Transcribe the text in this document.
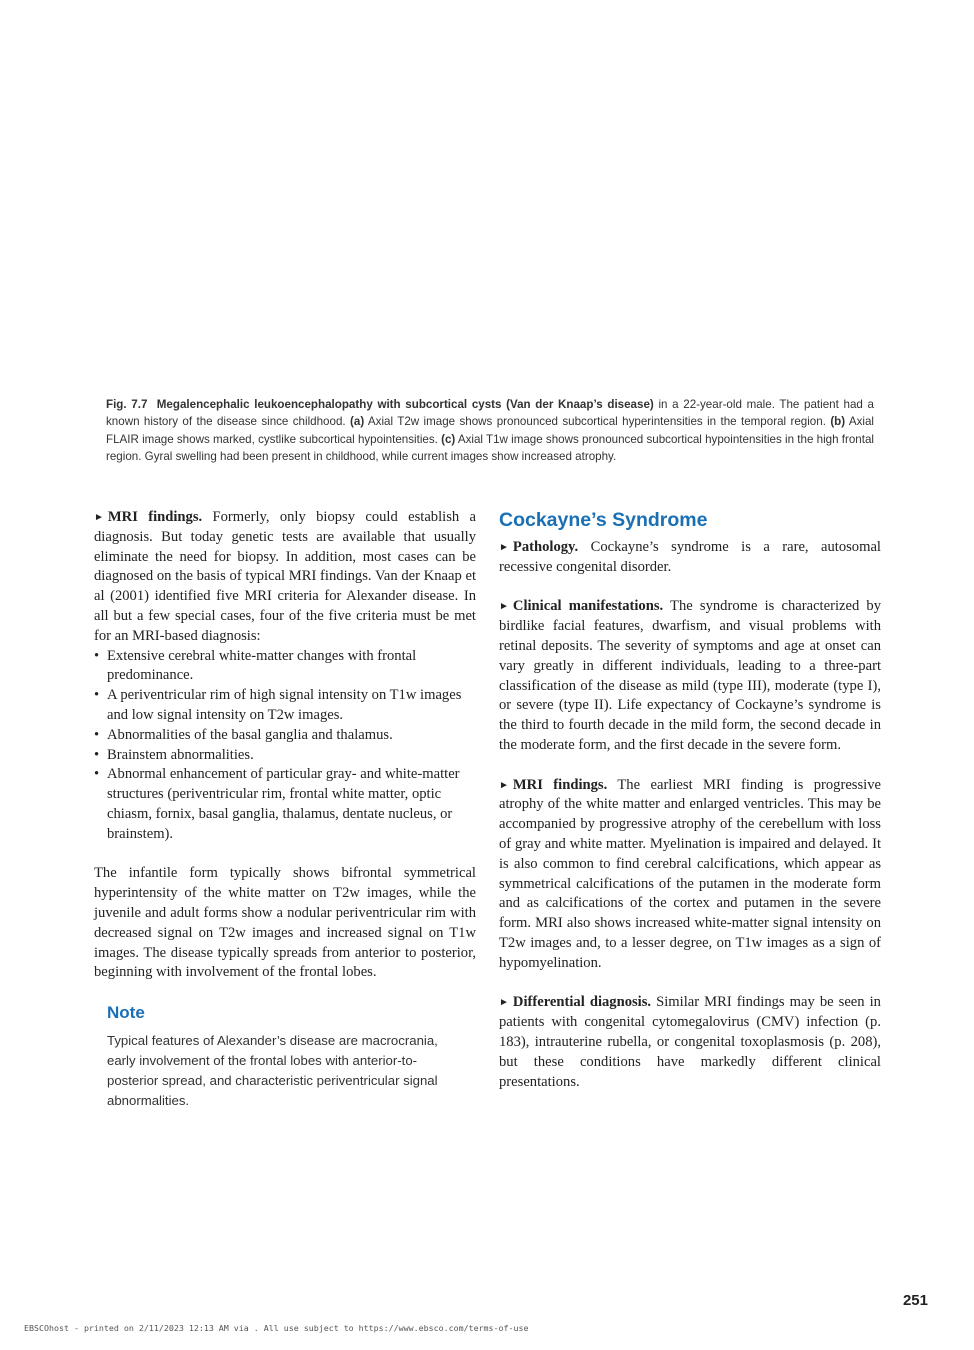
Fig. 7.7 Megalencephalic leukoencephalopathy with subcortical cysts (Van der Knaap’s disease) in a 22-year-old male. The patient had a known history of the disease since childhood. (a) Axial T2w image shows pronounced subcortical hyperintensities in the temporal region. (b) Axial FLAIR image shows marked, cystlike subcortical hypointensities. (c) Axial T1w image shows pronounced subcortical hypointensities in the high frontal region. Gyral swelling had been present in childhood, while current images show increased atrophy.

► MRI findings. Formerly, only biopsy could establish a diagnosis. But today genetic tests are available that usually eliminate the need for biopsy. In addition, most cases can be diagnosed on the basis of typical MRI findings. Van der Knaap et al (2001) identified five MRI criteria for Alexander disease. In all but a few special cases, four of the five criteria must be met for an MRI-based diagnosis:

• Extensive cerebral white-matter changes with frontal predominance.
• A periventricular rim of high signal intensity on T1w images and low signal intensity on T2w images.
• Abnormalities of the basal ganglia and thalamus.
• Brainstem abnormalities.
• Abnormal enhancement of particular gray- and white-matter structures (periventricular rim, frontal white matter, optic chiasm, fornix, basal ganglia, thalamus, dentate nucleus, or brainstem).

The infantile form typically shows bifrontal symmetrical hyperintensity of the white matter on T2w images, while the juvenile and adult forms show a nodular periventricular rim with decreased signal on T2w images and increased signal on T1w images. The disease typically spreads from anterior to posterior, beginning with involvement of the frontal lobes.

Note

Typical features of Alexander’s disease are macrocrania, early involvement of the frontal lobes with anterior-to-posterior spread, and characteristic periventricular signal abnormalities.

Cockayne’s Syndrome

► Pathology. Cockayne’s syndrome is a rare, autosomal recessive congenital disorder.

► Clinical manifestations. The syndrome is characterized by birdlike facial features, dwarfism, and visual problems with retinal deposits. The severity of symptoms and age at onset can vary greatly in different individuals, leading to a three-part classification of the disease as mild (type III), moderate (type I), or severe (type II). Life expectancy of Cockayne’s syndrome is the third to fourth decade in the mild form, the second decade in the moderate form, and the first decade in the severe form.

► MRI findings. The earliest MRI finding is progressive atrophy of the white matter and enlarged ventricles. This may be accompanied by progressive atrophy of the cerebellum with loss of gray and white matter. Myelination is impaired and delayed. It is also common to find cerebral calcifications, which appear as symmetrical calcifications of the putamen in the moderate form and as calcifications of the cortex and putamen in the severe form. MRI also shows increased white-matter signal intensity on T2w images and, to a lesser degree, on T1w images as a sign of hypomyelination.

► Differential diagnosis. Similar MRI findings may be seen in patients with congenital cytomegalovirus (CMV) infection (p. 183), intrauterine rubella, or congenital toxoplasmosis (p. 208), but these conditions have markedly different clinical presentations.

251
EBSCOhost - printed on 2/11/2023 12:13 AM via . All use subject to https://www.ebsco.com/terms-of-use
